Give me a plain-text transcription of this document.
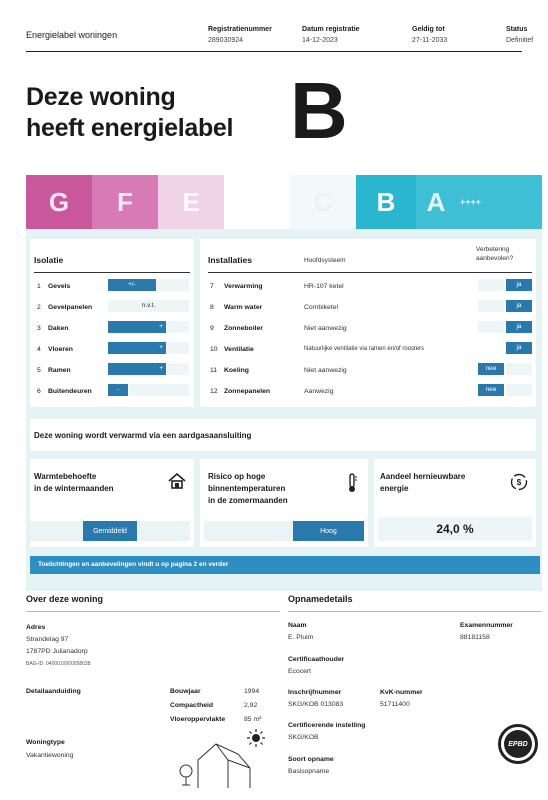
Energielabel woningen
Registratienummer
289030924
Datum registratie
14-12-2023
Geldig tot
27-11-2033
Status
Definitief
Deze woning
heeft energielabel B
G	F	E	D	C	B	A	++++
Isolatie
1 Gevels	+/-
2 Gevelpanelen	n.v.t.
3 Daken	+
4 Vloeren	+
5 Ramen	+
6 Buitendeuren	-
Installaties	Hoofdsysteem
Verbetering aanbevolen?
7 Verwarming	HR-107 ketel	ja
8 Warm water	Combiketel	ja
9 Zonneboiler	Niet aanwezig	ja
10 Ventilatie	Natuurlijke ventilatie via ramen en/of roosters	ja
11 Koeling	Niet aanwezig	nee
12 Zonnepanelen	Aanwezig	nee
Deze woning wordt verwarmd via een aardgasaansluiting
Warmtebehoefte
in de wintermaanden
Gemiddeld
Risico op hoge
binnentemperaturen
in de zomermaanden
Hoog
Aandeel hernieuwbare
energie
$
24,0 %
Toelichtingen en aanbevelingen vindt u op pagina 2 en verder
Over deze woning
Adres
Strandelag 97
1787PD Julianadorp
BAG-ID: 0400010000058038
Detailaanduiding	Bouwjaar	1994
Compactheid	2,92
Vloeroppervlakte	85 m²
Woningtype
Vakantiewoning
Opnamedetails
Naam
E. Pluim
Examennummer
88181158
Certificaathouder
Ecocert
Inschrijfnummer
SKG/KOB 013083
KvK-nummer
51711400
Certificerende instelling
SKG/KOB
Soort opname
Basisopname
EPBD
